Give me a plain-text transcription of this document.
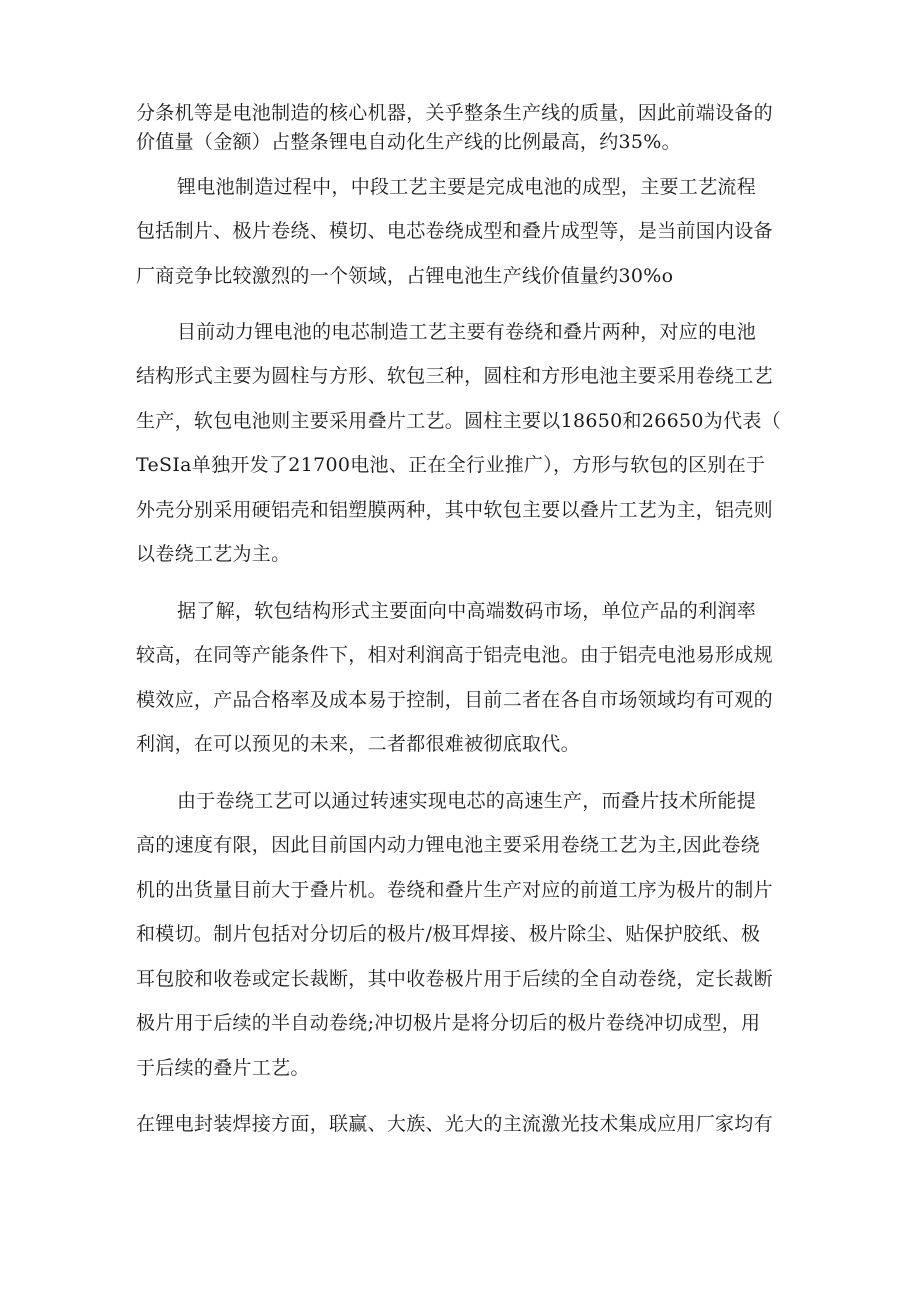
分条机等是电池制造的核心机器，关乎整条生产线的质量，因此前端设备的
价值量（金额）占整条锂电自动化生产线的比例最高，约35%。
锂电池制造过程中，中段工艺主要是完成电池的成型，主要工艺流程
包括制片、极片卷绕、模切、电芯卷绕成型和叠片成型等，是当前国内设备
厂商竞争比较激烈的一个领域，占锂电池生产线价值量约30%o
目前动力锂电池的电芯制造工艺主要有卷绕和叠片两种，对应的电池
结构形式主要为圆柱与方形、软包三种，圆柱和方形电池主要采用卷绕工艺
生产，软包电池则主要采用叠片工艺。圆柱主要以18650和26650为代表（
TeSIa单独开发了21700电池、正在全行业推广），方形与软包的区别在于
外壳分别采用硬铝壳和铝塑膜两种，其中软包主要以叠片工艺为主，铝壳则
以卷绕工艺为主。
据了解，软包结构形式主要面向中高端数码市场，单位产品的利润率
较高，在同等产能条件下，相对利润高于铝壳电池。由于铝壳电池易形成规
模效应，产品合格率及成本易于控制，目前二者在各自市场领域均有可观的
利润，在可以预见的未来，二者都很难被彻底取代。
由于卷绕工艺可以通过转速实现电芯的高速生产，而叠片技术所能提
高的速度有限，因此目前国内动力锂电池主要采用卷绕工艺为主,因此卷绕
机的出货量目前大于叠片机。卷绕和叠片生产对应的前道工序为极片的制片
和模切。制片包括对分切后的极片/极耳焊接、极片除尘、贴保护胶纸、极
耳包胶和收卷或定长裁断，其中收卷极片用于后续的全自动卷绕，定长裁断
极片用于后续的半自动卷绕;冲切极片是将分切后的极片卷绕冲切成型，用
于后续的叠片工艺。
在锂电封装焊接方面，联赢、大族、光大的主流激光技术集成应用厂家均有
